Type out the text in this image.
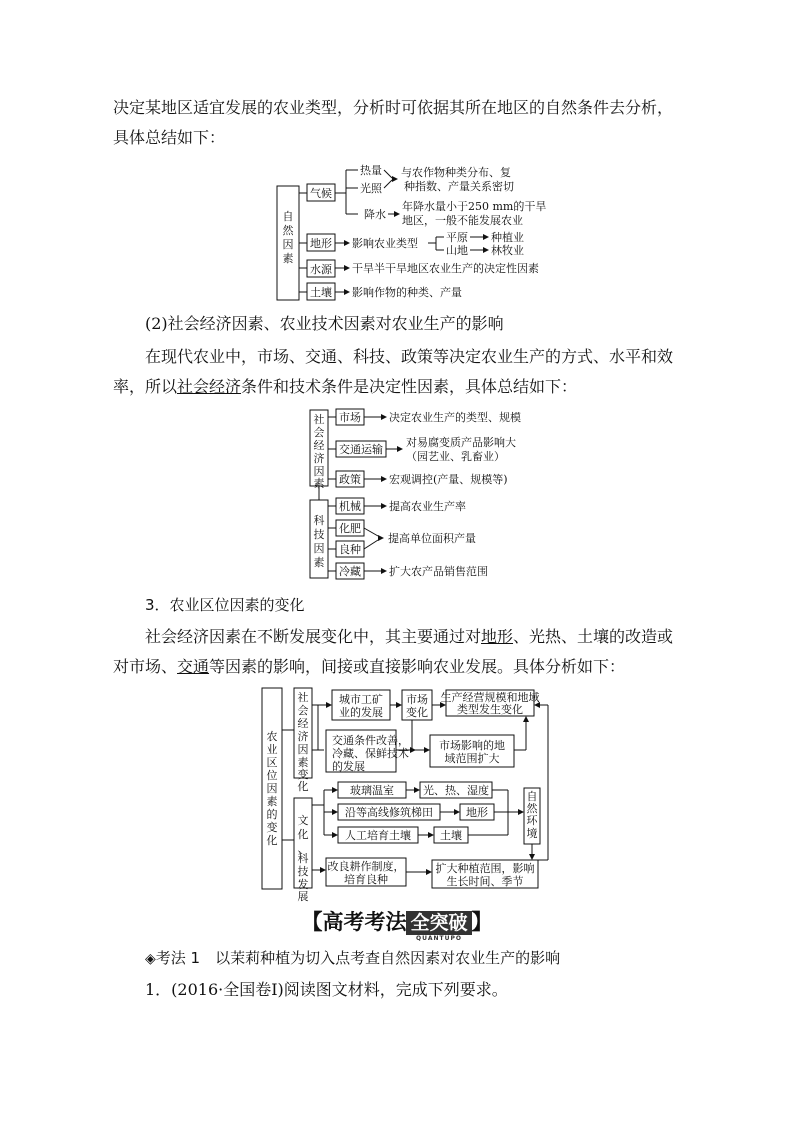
决定某地区适宜发展的农业类型，分析时可依据其所在地区的自然条件去分析，

具体总结如下：

自
然
因
素
气候
热量
光照
降水
与农作物种类分布、复
种指数、产量关系密切
年降水量小于250 mm的干旱
地区，一般不能发展农业
地形 影响农业类型	平原 种植业
山地 林牧业
水源 干旱半干旱地区农业生产的决定性因素
土壤 影响作物的种类、产量

(2)社会经济因素、农业技术因素对农业生产的影响

在现代农业中，市场、交通、科技、政策等决定农业生产的方式、水平和效

率，所以社会经济条件和技术条件是决定性因素，具体总结如下：

社
会
经
济
因
素
科
技
因
素
市场	决定农业生产的类型、规模
交通运输
对易腐变质产品影响大
（园艺业、乳畜业）
政策	宏观调控(产量、规模等)
机械	提高农业生产率
化肥
良种
提高单位面积产量
冷藏	扩大农产品销售范围

3．农业区位因素的变化

社会经济因素在不断发展变化中，其主要通过对地形、光热、土壤的改造或

对市场、交通等因素的影响，间接或直接影响农业发展。具体分析如下：

农
业
区
位
因
素
的
变
化
社
会
经
济
因
素
变
化
文
化
、
科
技
发
展
城市工矿
业的发展
市场
变化
生产经营规模和地域
类型发生变化
交通条件改善，
冷藏、保鲜技术
的发展
市场影响的地
域范围扩大
玻璃温室	光、热、湿度
沿等高线修筑梯田	地形
人工培育土壤	土壤
自
然
环
境
改良耕作制度，
培育良种
扩大种植范围，影响
生长时间、季节
【高考考法 全突破
QUANTUPO
】

◈考法 1　以茉莉种植为切入点考查自然因素对农业生产的影响

1．(2016·全国卷Ⅰ)阅读图文材料，完成下列要求。
